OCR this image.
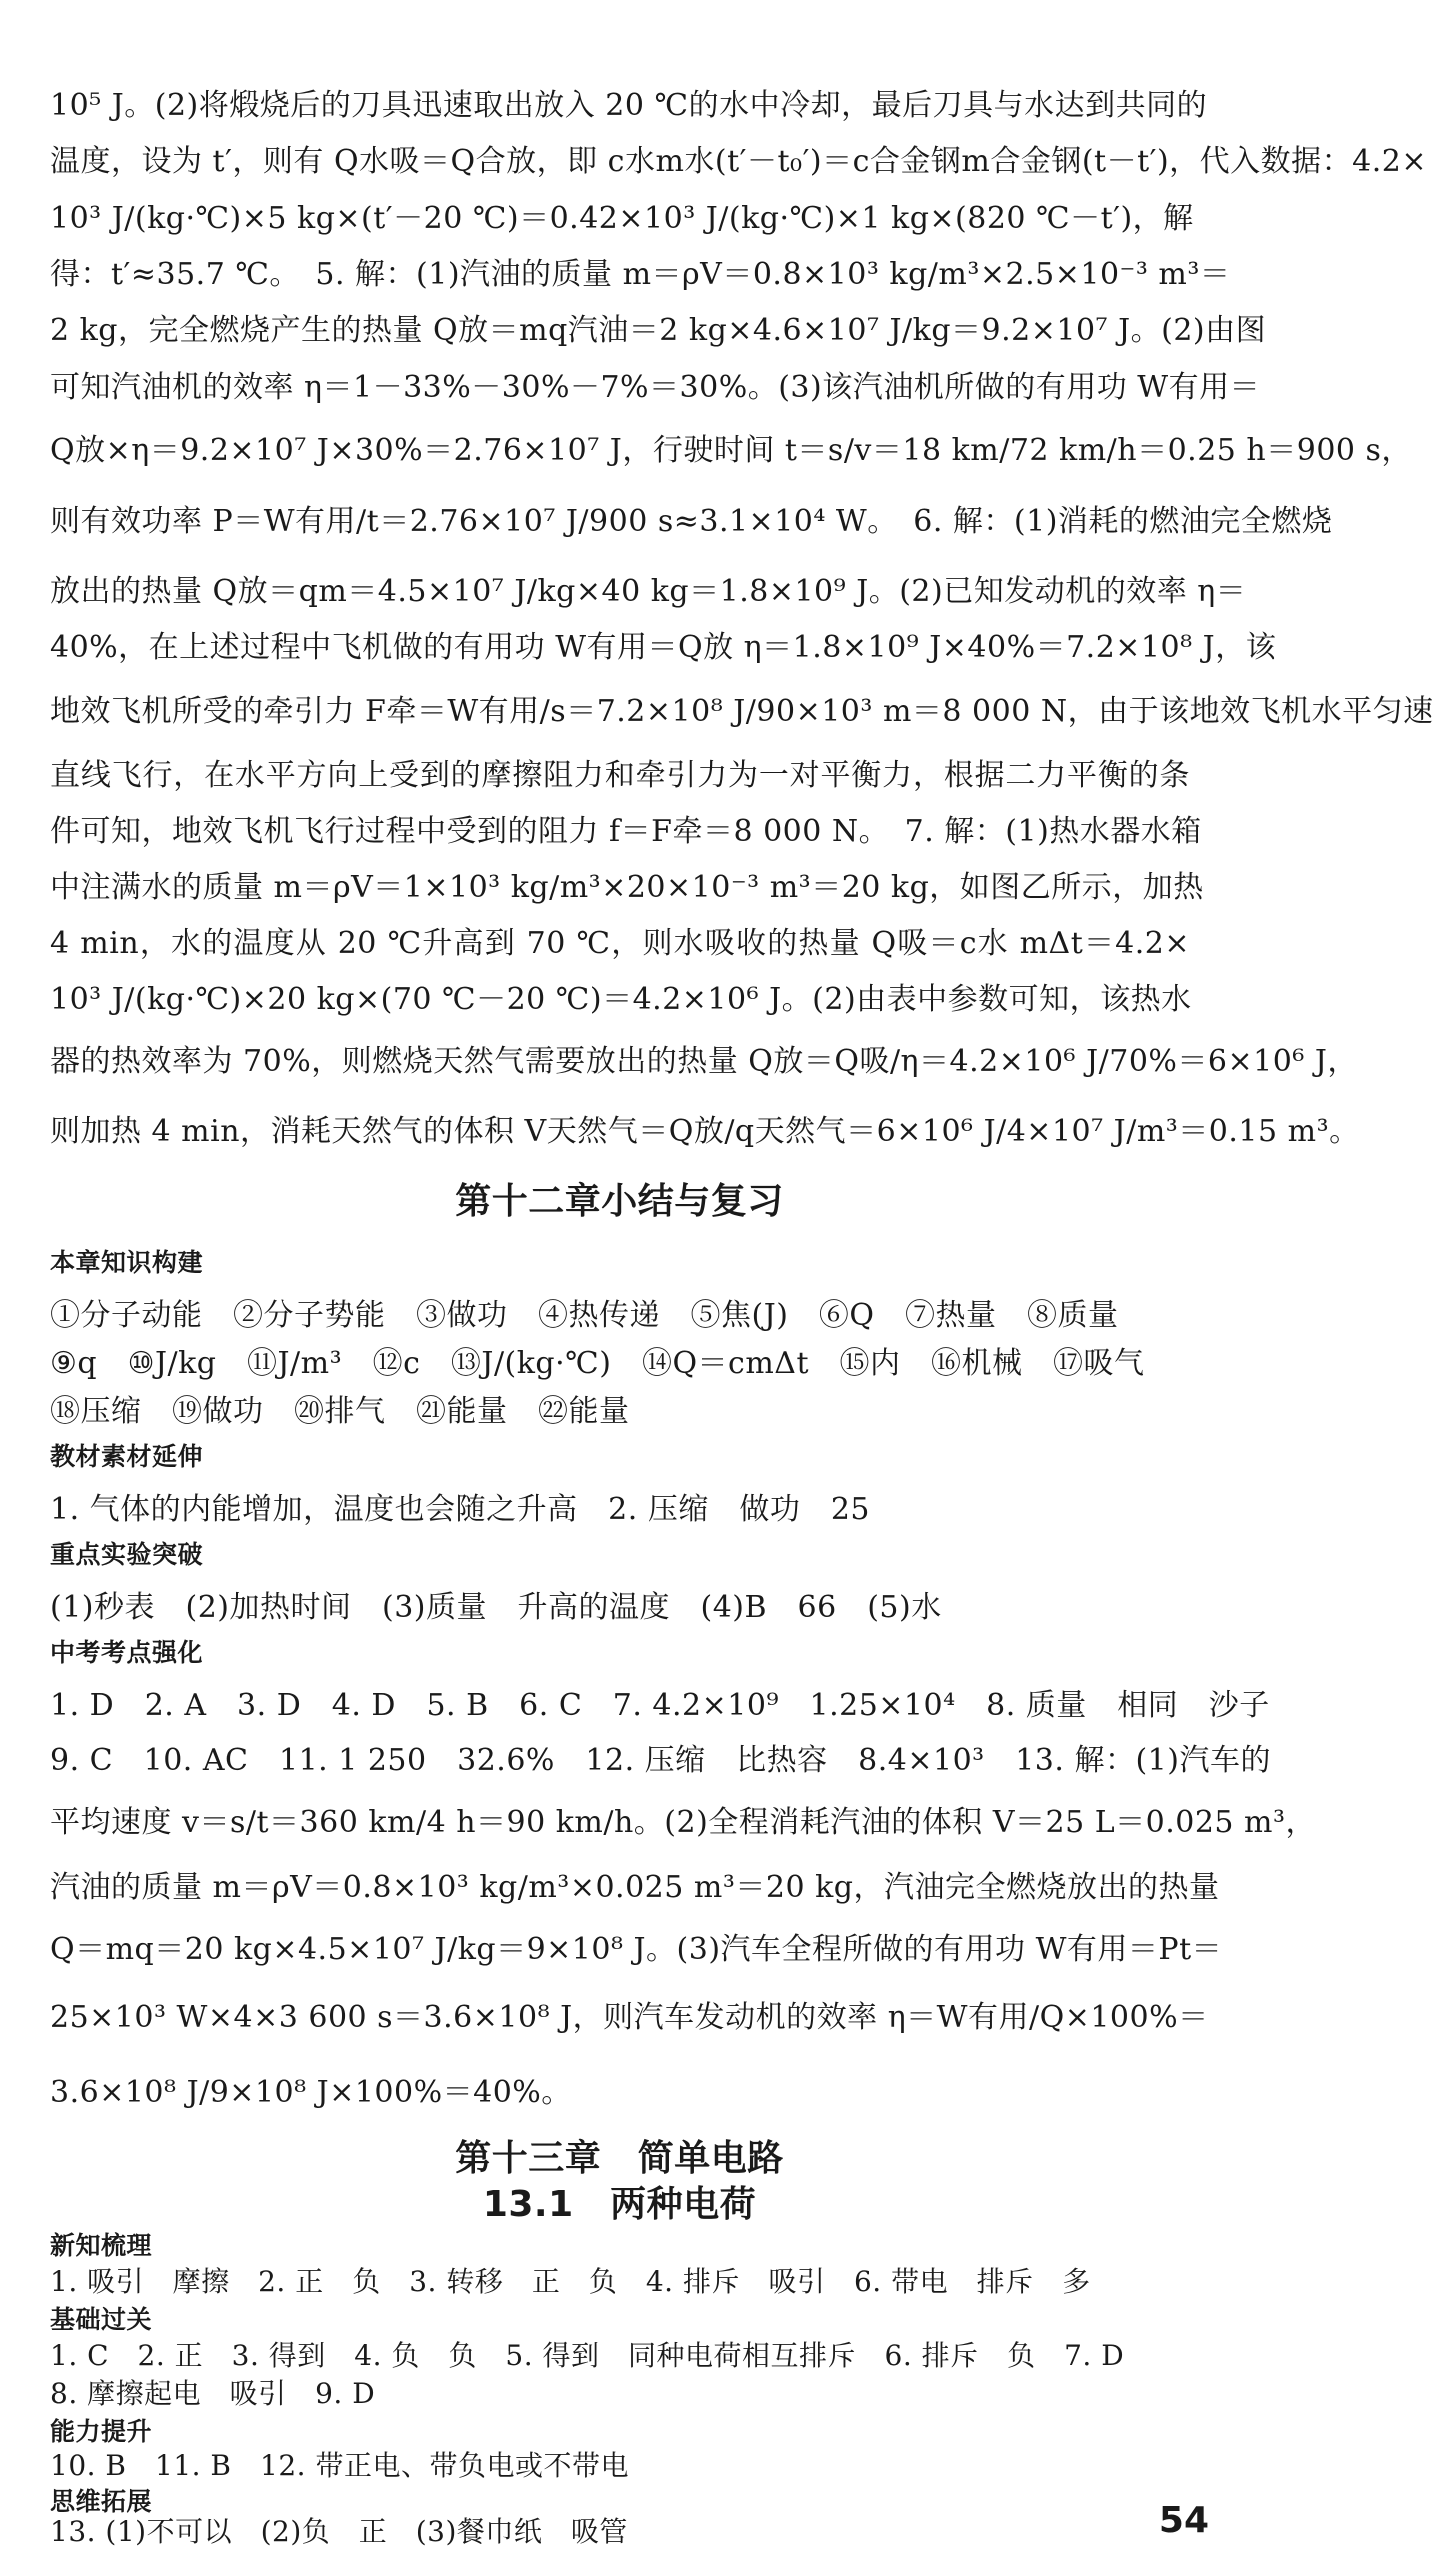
10⁵ J。(2)将煅烧后的刀具迅速取出放入 20 ℃的水中冷却，最后刀具与水达到共同的
温度，设为 t′，则有 Q水吸＝Q合放，即 c水m水(t′－t₀′)＝c合金钢m合金钢(t－t′)，代入数据：4.2×
10³ J/(kg·℃)×5 kg×(t′－20 ℃)＝0.42×10³ J/(kg·℃)×1 kg×(820 ℃－t′)，解
得：t′≈35.7 ℃。　5. 解：(1)汽油的质量 m＝ρV＝0.8×10³ kg/m³×2.5×10⁻³ m³＝
2 kg，完全燃烧产生的热量 Q放＝mq汽油＝2 kg×4.6×10⁷ J/kg＝9.2×10⁷ J。(2)由图
可知汽油机的效率 η＝1－33%－30%－7%＝30%。(3)该汽油机所做的有用功 W有用＝
Q放×η＝9.2×10⁷ J×30%＝2.76×10⁷ J，行驶时间 t＝s/v＝18 km/72 km/h＝0.25 h＝900 s，
则有效功率 P＝W有用/t＝2.76×10⁷ J/900 s≈3.1×10⁴ W。　6. 解：(1)消耗的燃油完全燃烧
放出的热量 Q放＝qm＝4.5×10⁷ J/kg×40 kg＝1.8×10⁹ J。(2)已知发动机的效率 η＝
40%，在上述过程中飞机做的有用功 W有用＝Q放 η＝1.8×10⁹ J×40%＝7.2×10⁸ J，该
地效飞机所受的牵引力 F牵＝W有用/s＝7.2×10⁸ J/90×10³ m＝8 000 N，由于该地效飞机水平匀速
直线飞行，在水平方向上受到的摩擦阻力和牵引力为一对平衡力，根据二力平衡的条
件可知，地效飞机飞行过程中受到的阻力 f＝F牵＝8 000 N。　7. 解：(1)热水器水箱
中注满水的质量 m＝ρV＝1×10³ kg/m³×20×10⁻³ m³＝20 kg，如图乙所示，加热
4 min，水的温度从 20 ℃升高到 70 ℃，则水吸收的热量 Q吸＝c水 mΔt＝4.2×
10³ J/(kg·℃)×20 kg×(70 ℃－20 ℃)＝4.2×10⁶ J。(2)由表中参数可知，该热水
器的热效率为 70%，则燃烧天然气需要放出的热量 Q放＝Q吸/η＝4.2×10⁶ J/70%＝6×10⁶ J，
则加热 4 min，消耗天然气的体积 V天然气＝Q放/q天然气＝6×10⁶ J/4×10⁷ J/m³＝0.15 m³。
第十二章小结与复习
本章知识构建
①分子动能　②分子势能　③做功　④热传递　⑤焦(J)　⑥Q　⑦热量　⑧质量
⑨q　⑩J/kg　⑪J/m³　⑫c　⑬J/(kg·℃)　⑭Q＝cmΔt　⑮内　⑯机械　⑰吸气
⑱压缩　⑲做功　⑳排气　㉑能量　㉒能量
教材素材延伸
1. 气体的内能增加，温度也会随之升高　2. 压缩　做功　25
重点实验突破
(1)秒表　(2)加热时间　(3)质量　升高的温度　(4)B　66　(5)水
中考考点强化
1. D　2. A　3. D　4. D　5. B　6. C　7. 4.2×10⁹　1.25×10⁴　8. 质量　相同　沙子
9. C　10. AC　11. 1 250　32.6%　12. 压缩　比热容　8.4×10³　13. 解：(1)汽车的
平均速度 v＝s/t＝360 km/4 h＝90 km/h。(2)全程消耗汽油的体积 V＝25 L＝0.025 m³，
汽油的质量 m＝ρV＝0.8×10³ kg/m³×0.025 m³＝20 kg，汽油完全燃烧放出的热量
Q＝mq＝20 kg×4.5×10⁷ J/kg＝9×10⁸ J。(3)汽车全程所做的有用功 W有用＝Pt＝
25×10³ W×4×3 600 s＝3.6×10⁸ J，则汽车发动机的效率 η＝W有用/Q×100%＝
3.6×10⁸ J/9×10⁸ J×100%＝40%。
第十三章　简单电路
13.1　两种电荷
新知梳理
1. 吸引　摩擦　2. 正　负　3. 转移　正　负　4. 排斥　吸引　6. 带电　排斥　多
基础过关
1. C　2. 正　3. 得到　4. 负　负　5. 得到　同种电荷相互排斥　6. 排斥　负　7. D
8. 摩擦起电　吸引　9. D
能力提升
10. B　11. B　12. 带正电、带负电或不带电
思维拓展
13. (1)不可以　(2)负　正　(3)餐巾纸　吸管	54
